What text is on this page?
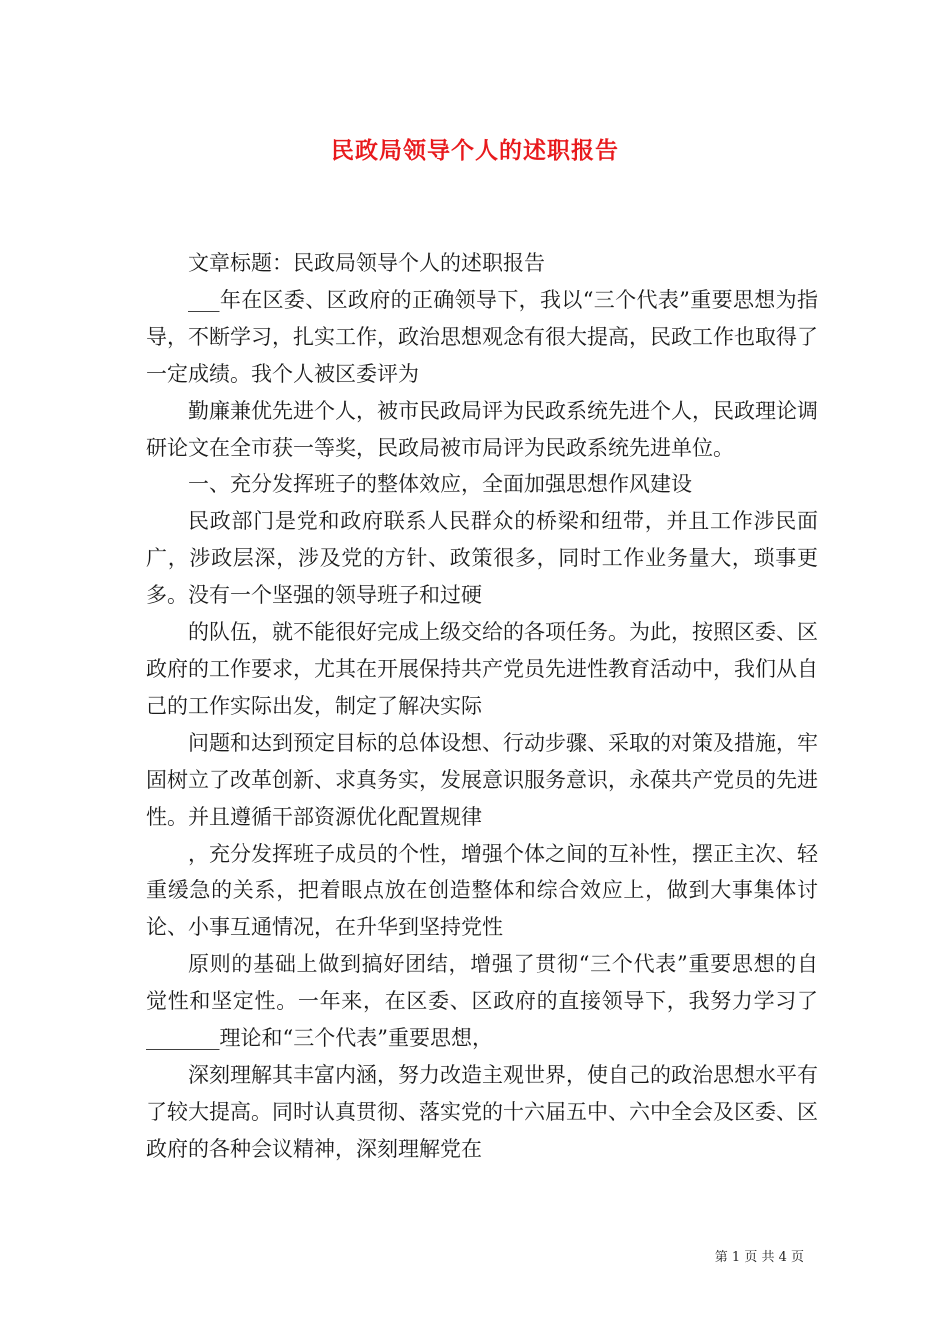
民政局领导个人的述职报告

文章标题：民政局领导个人的述职报告

___年在区委、区政府的正确领导下，我以“三个代表”重要思想为指导，不断学习，扎实工作，政治思想观念有很大提高，民政工作也取得了一定成绩。我个人被区委评为

勤廉兼优先进个人，被市民政局评为民政系统先进个人，民政理论调研论文在全市获一等奖，民政局被市局评为民政系统先进单位。

一、充分发挥班子的整体效应，全面加强思想作风建设

民政部门是党和政府联系人民群众的桥梁和纽带，并且工作涉民面广，涉政层深，涉及党的方针、政策很多，同时工作业务量大，琐事更多。没有一个坚强的领导班子和过硬

的队伍，就不能很好完成上级交给的各项任务。为此，按照区委、区政府的工作要求，尤其在开展保持共产党员先进性教育活动中，我们从自己的工作实际出发，制定了解决实际

问题和达到预定目标的总体设想、行动步骤、采取的对策及措施，牢固树立了改革创新、求真务实，发展意识服务意识，永葆共产党员的先进性。并且遵循干部资源优化配置规律

，充分发挥班子成员的个性，增强个体之间的互补性，摆正主次、轻重缓急的关系，把着眼点放在创造整体和综合效应上，做到大事集体讨论、小事互通情况，在升华到坚持党性

原则的基础上做到搞好团结，增强了贯彻“三个代表”重要思想的自觉性和坚定性。一年来，在区委、区政府的直接领导下，我努力学习了_______理论和“三个代表”重要思想，

深刻理解其丰富内涵，努力改造主观世界，使自己的政治思想水平有了较大提高。同时认真贯彻、落实党的十六届五中、六中全会及区委、区政府的各种会议精神，深刻理解党在

第 1 页 共 4 页
